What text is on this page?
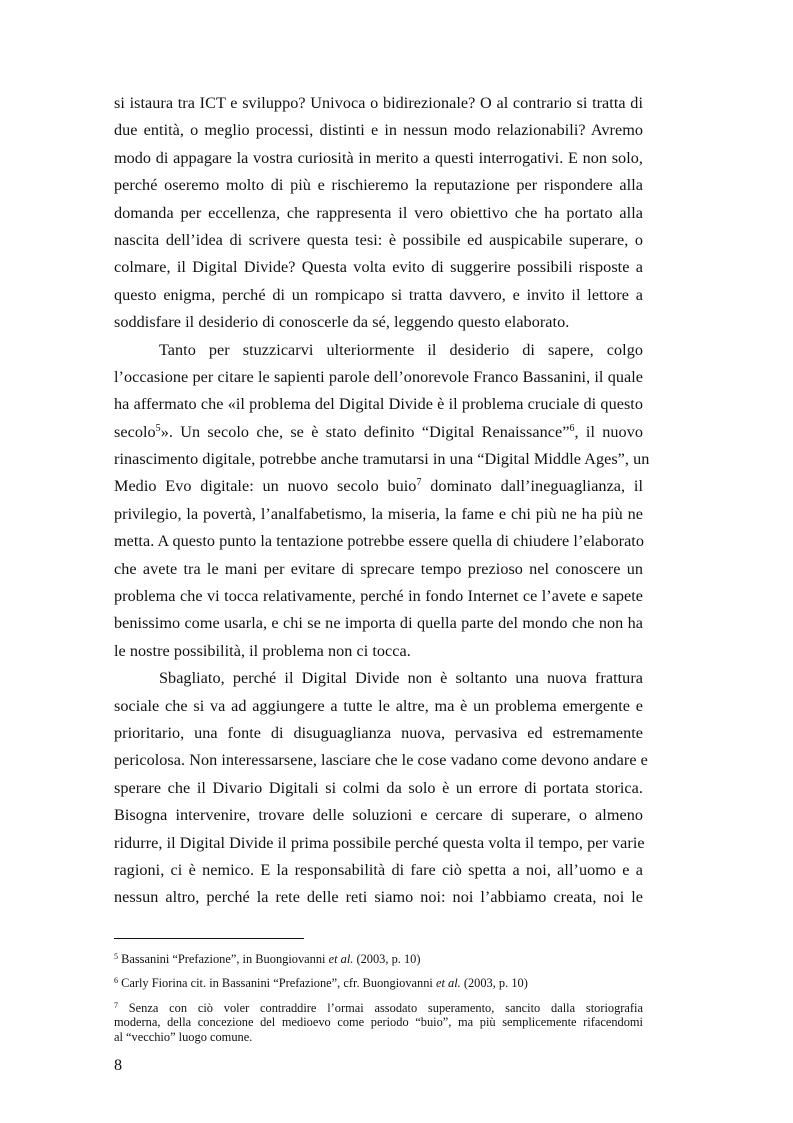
si istaura tra ICT e sviluppo? Univoca o bidirezionale? O al contrario si tratta di
due entità, o meglio processi, distinti e in nessun modo relazionabili? Avremo
modo di appagare la vostra curiosità in merito a questi interrogativi. E non solo,
perché oseremo molto di più e rischieremo la reputazione per rispondere alla
domanda per eccellenza, che rappresenta il vero obiettivo che ha portato alla
nascita dell’idea di scrivere questa tesi: è possibile ed auspicabile superare, o
colmare, il Digital Divide? Questa volta evito di suggerire possibili risposte a
questo enigma, perché di un rompicapo si tratta davvero, e invito il lettore a
soddisfare il desiderio di conoscerle da sé, leggendo questo elaborato.
Tanto per stuzzicarvi ulteriormente il desiderio di sapere, colgo
l’occasione per citare le sapienti parole dell’onorevole Franco Bassanini, il quale
ha affermato che «il problema del Digital Divide è il problema cruciale di questo
secolo$^5$». Un secolo che, se è stato definito “Digital Renaissance”$^6$, il nuovo
rinascimento digitale, potrebbe anche tramutarsi in una “Digital Middle Ages”, un
Medio Evo digitale: un nuovo secolo buio$^7$ dominato dall’ineguaglianza, il
privilegio, la povertà, l’analfabetismo, la miseria, la fame e chi più ne ha più ne
metta. A questo punto la tentazione potrebbe essere quella di chiudere l’elaborato
che avete tra le mani per evitare di sprecare tempo prezioso nel conoscere un
problema che vi tocca relativamente, perché in fondo Internet ce l’avete e sapete
benissimo come usarla, e chi se ne importa di quella parte del mondo che non ha
le nostre possibilità, il problema non ci tocca.
Sbagliato, perché il Digital Divide non è soltanto una nuova frattura
sociale che si va ad aggiungere a tutte le altre, ma è un problema emergente e
prioritario, una fonte di disuguaglianza nuova, pervasiva ed estremamente
pericolosa. Non interessarsene, lasciare che le cose vadano come devono andare e
sperare che il Divario Digitali si colmi da solo è un errore di portata storica.
Bisogna intervenire, trovare delle soluzioni e cercare di superare, o almeno
ridurre, il Digital Divide il prima possibile perché questa volta il tempo, per varie
ragioni, ci è nemico. E la responsabilità di fare ciò spetta a noi, all’uomo e a
nessun altro, perché la rete delle reti siamo noi: noi l’abbiamo creata, noi le
$^5$ Bassanini “Prefazione”, in Buongiovanni et al. (2003, p. 10)
$^6$ Carly Fiorina cit. in Bassanini “Prefazione”, cfr. Buongiovanni et al. (2003, p. 10)
$^7$ Senza con ciò voler contraddire l’ormai assodato superamento, sancito dalla storiografia
moderna, della concezione del medioevo come periodo “buio”, ma più semplicemente rifacendomi
al “vecchio” luogo comune.
8
